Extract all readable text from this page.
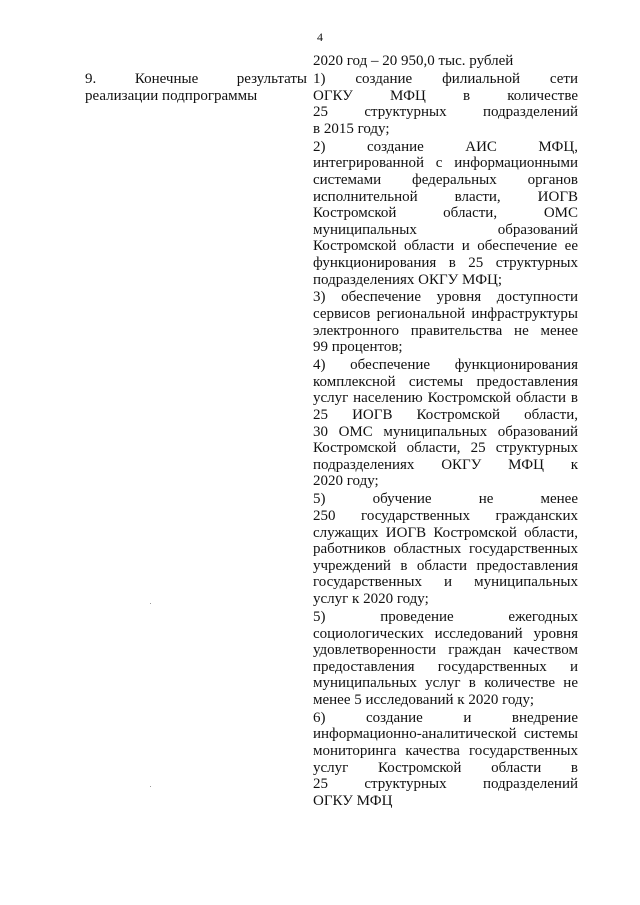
4
9.	Конечные результаты
реализации подпрограммы
2020 год – 20 950,0 тыс. рублей
1) создание филиальной сети
ОГКУ МФЦ в количестве
25 структурных подразделений
в 2015 году;
2) создание АИС МФЦ,
интегрированной с информационными
системами федеральных органов
исполнительной власти, ИОГВ
Костромской области, ОМС
муниципальных образований
Костромской области и обеспечение ее
функционирования в 25 структурных
подразделениях ОКГУ МФЦ;
3) обеспечение уровня доступности
сервисов региональной инфраструктуры
электронного правительства не менее
99 процентов;
4) обеспечение функционирования
комплексной системы предоставления
услуг населению Костромской области в
25 ИОГВ Костромской области,
30 ОМС муниципальных образований
Костромской области, 25 структурных
подразделениях ОКГУ МФЦ к
2020 году;
5) обучение не менее
250 государственных гражданских
служащих ИОГВ Костромской области,
работников областных государственных
учреждений в области предоставления
государственных и муниципальных
услуг к 2020 году;
5) проведение ежегодных
социологических исследований уровня
удовлетворенности граждан качеством
предоставления государственных и
муниципальных услуг в количестве не
менее 5 исследований к 2020 году;
6) создание и внедрение
информационно-аналитической системы
мониторинга качества государственных
услуг Костромской области в
25 структурных подразделений
ОГКУ МФЦ
